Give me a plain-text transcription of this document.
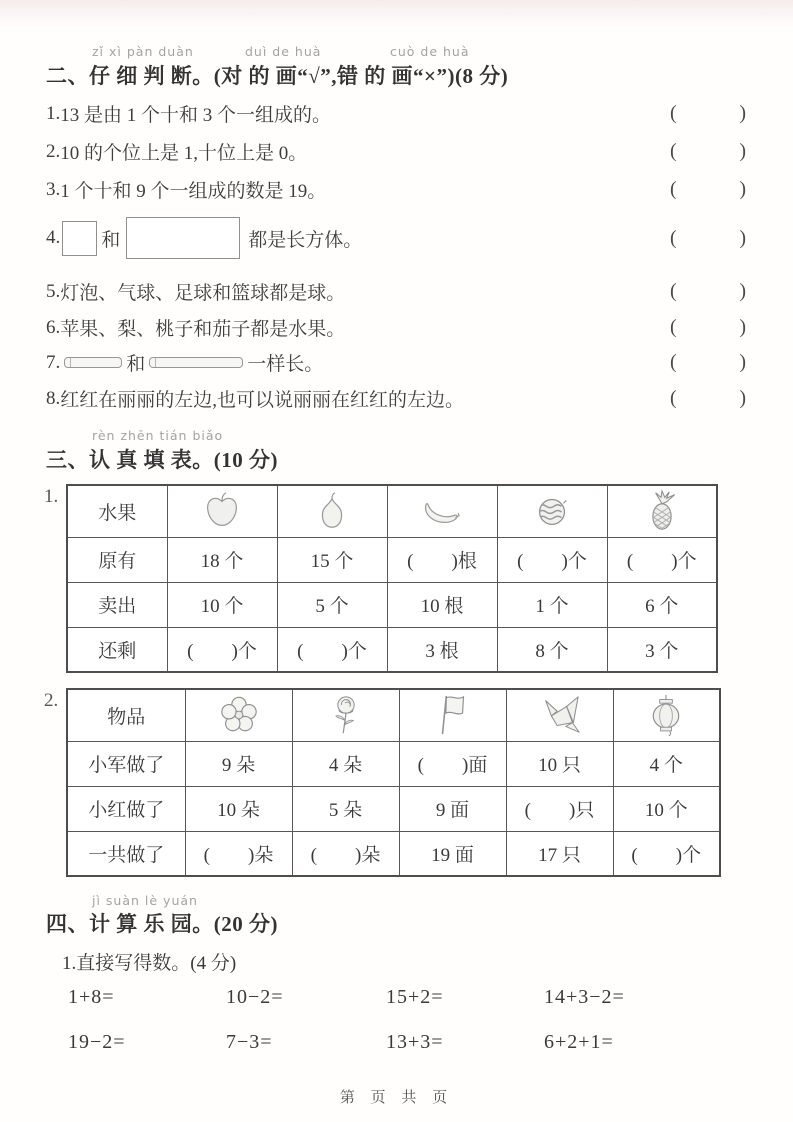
zǐ xì pàn duàn	duì de huà	cuò de huà
二、仔 细 判 断。(对 的 画“√”,错 的 画“×”)(8 分)
1. 13 是由 1 个十和 3 个一组成的。	(	)
2. 10 的个位上是 1,十位上是 0。	(	)
3. 1 个十和 9 个一组成的数是 19。	(	)
4. 和	都是长方体。	(	)
5. 灯泡、气球、足球和篮球都是球。	(	)
6. 苹果、梨、桃子和茄子都是水果。	(	)
7.	和	一样长。	(	)
8. 红红在丽丽的左边,也可以说丽丽在红红的左边。	(	)
rèn zhēn tián biǎo
三、认 真 填 表。(10 分)
1.
水果					
原有	18 个	15 个	(　　)根	(　　)个	(　　)个
卖出	10 个	5 个	10 根	1 个	6 个
还剩	(　　)个	(　　)个	3 根	8 个	3 个
2.
物品					
小军做了	9 朵	4 朵	(　　)面	10 只	4 个
小红做了	10 朵	5 朵	9 面	(　　)只	10 个
一共做了	(　　)朵	(　　)朵	19 面	17 只	(　　)个
jì suàn lè yuán
四、计 算 乐 园。(20 分)
1.直接写得数。(4 分)
1+8=	10−2=	15+2=	14+3−2=
19−2=	7−3=	13+3=	6+2+1=
第 页 共 页
